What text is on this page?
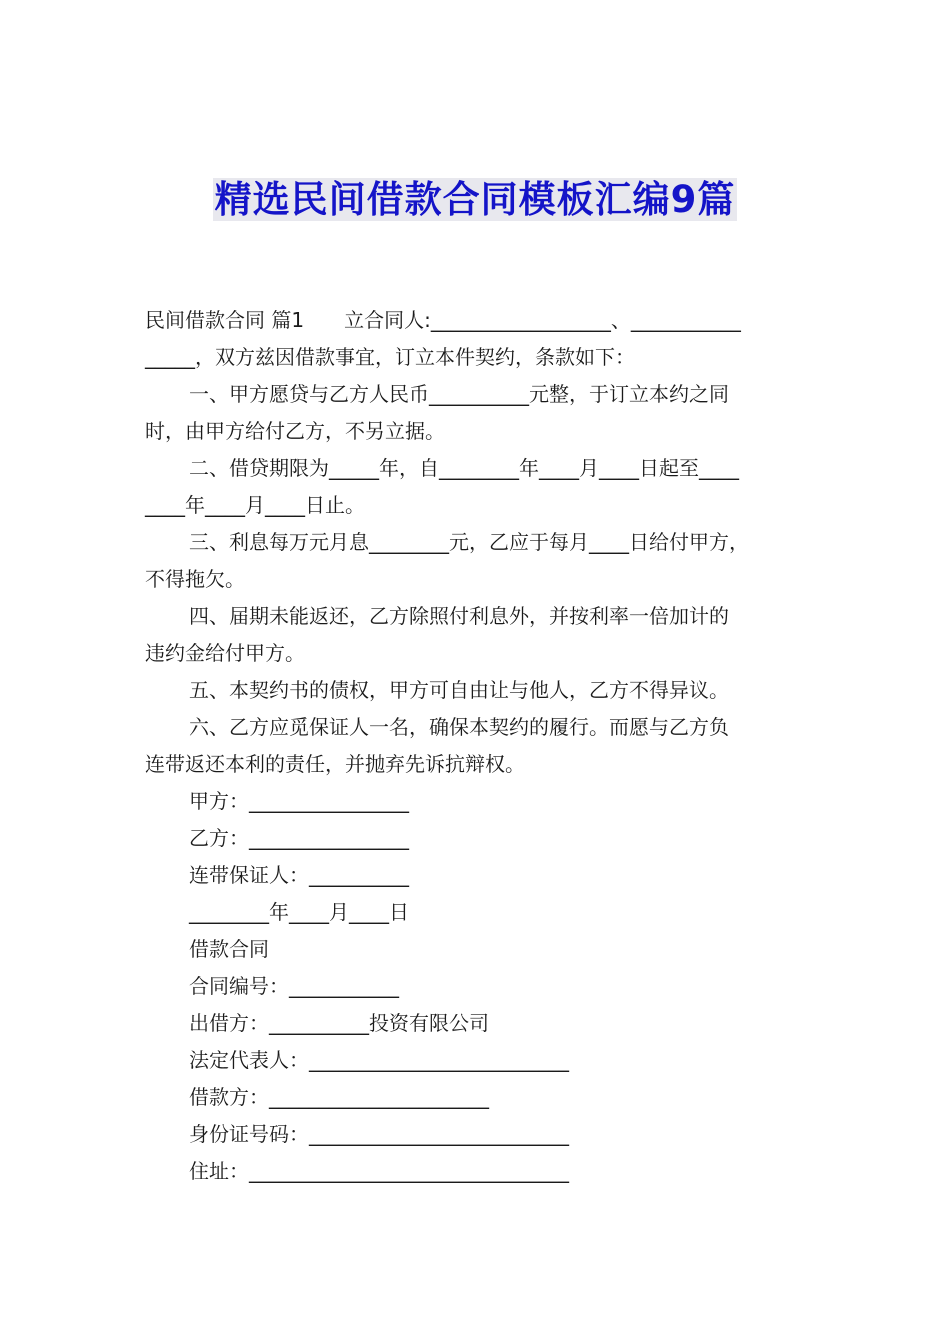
精选民间借款合同模板汇编9篇
民间借款合同 篇1　　立合同人:__________________、___________
_____，双方兹因借款事宜，订立本件契约，条款如下：
一、甲方愿贷与乙方人民币__________元整，于订立本约之同
时，由甲方给付乙方，不另立据。
二、借贷期限为_____年，自________年____月____日起至____
____年____月____日止。
三、利息每万元月息________元，乙应于每月____日给付甲方，
不得拖欠。
四、届期未能返还，乙方除照付利息外，并按利率一倍加计的
违约金给付甲方。
五、本契约书的债权，甲方可自由让与他人，乙方不得异议。
六、乙方应觅保证人一名，确保本契约的履行。而愿与乙方负
连带返还本利的责任，并抛弃先诉抗辩权。
甲方：________________
乙方：________________
连带保证人：__________
________年____月____日
借款合同
合同编号：___________
出借方：__________投资有限公司
法定代表人：__________________________
借款方：______________________
身份证号码：__________________________
住址：________________________________
